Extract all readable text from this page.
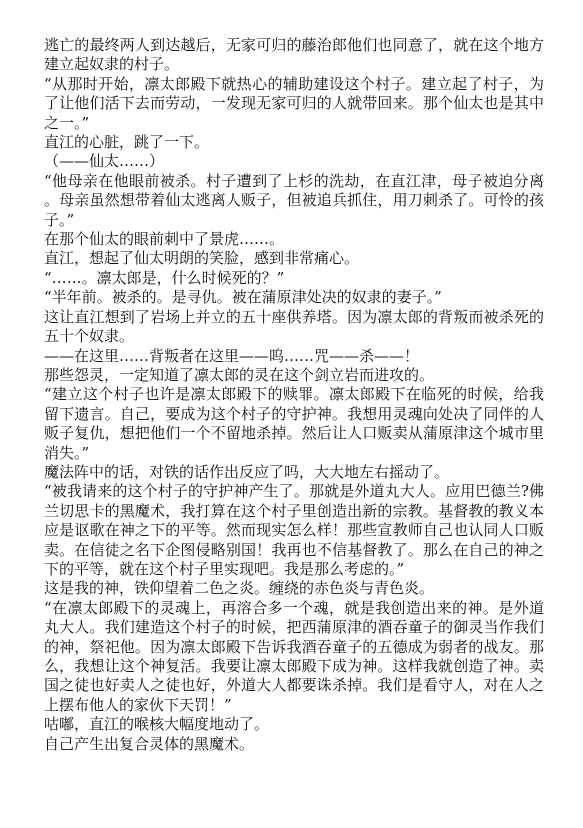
逃亡的最终两人到达越后，无家可归的藤治郎他们也同意了，就在这个地方建立起奴隶的村子。

“从那时开始，凛太郎殿下就热心的辅助建设这个村子。建立起了村子，为了让他们活下去而劳动，一发现无家可归的人就带回来。那个仙太也是其中之一。”

直江的心脏，跳了一下。

（——仙太……）

“他母亲在他眼前被杀。村子遭到了上杉的洗劫，在直江津，母子被迫分离。母亲虽然想带着仙太逃离人贩子，但被追兵抓住，用刀刺杀了。可怜的孩子。”

在那个仙太的眼前刺中了景虎……。

直江，想起了仙太明朗的笑脸，感到非常痛心。

“……。凛太郎是，什么时候死的？”

“半年前。被杀的。是寻仇。被在蒲原津处决的奴隶的妻子。”

这让直江想到了岩场上并立的五十座供养塔。因为凛太郎的背叛而被杀死的五十个奴隶。

——在这里……背叛者在这里——呜……咒——杀——！

那些怨灵，一定知道了凛太郎的灵在这个剑立岩而进攻的。

“建立这个村子也许是凛太郎殿下的赎罪。凛太郎殿下在临死的时候，给我留下遗言。自己，要成为这个村子的守护神。我想用灵魂向处决了同伴的人贩子复仇，想把他们一个不留地杀掉。然后让人口贩卖从蒲原津这个城市里消失。”

魔法阵中的话，对铁的话作出反应了吗，大大地左右摇动了。

“被我请来的这个村子的守护神产生了。那就是外道丸大人。应用巴德兰?佛兰切思卡的黑魔术，我打算在这个村子里创造出新的宗教。基督教的教义本应是讴歌在神之下的平等。然而现实怎么样！那些宣教师自己也认同人口贩卖。在信徒之名下企图侵略别国！我再也不信基督教了。那么在自己的神之下的平等，就在这个村子里实现吧。我是那么考虑的。”

这是我的神，铁仰望着二色之炎。缠绕的赤色炎与青色炎。

“在凛太郎殿下的灵魂上，再溶合多一个魂，就是我创造出来的神。是外道丸大人。我们建造这个村子的时候，把西蒲原津的酒吞童子的御灵当作我们的神，祭祀他。因为凛太郎殿下告诉我酒吞童子的五德成为弱者的战友。那么，我想让这个神复活。我要让凛太郎殿下成为神。这样我就创造了神。卖国之徒也好卖人之徒也好，外道大人都要诛杀掉。我们是看守人，对在人之上摆布他人的家伙下天罚！”

咕嘟，直江的喉核大幅度地动了。

自己产生出复合灵体的黑魔术。
